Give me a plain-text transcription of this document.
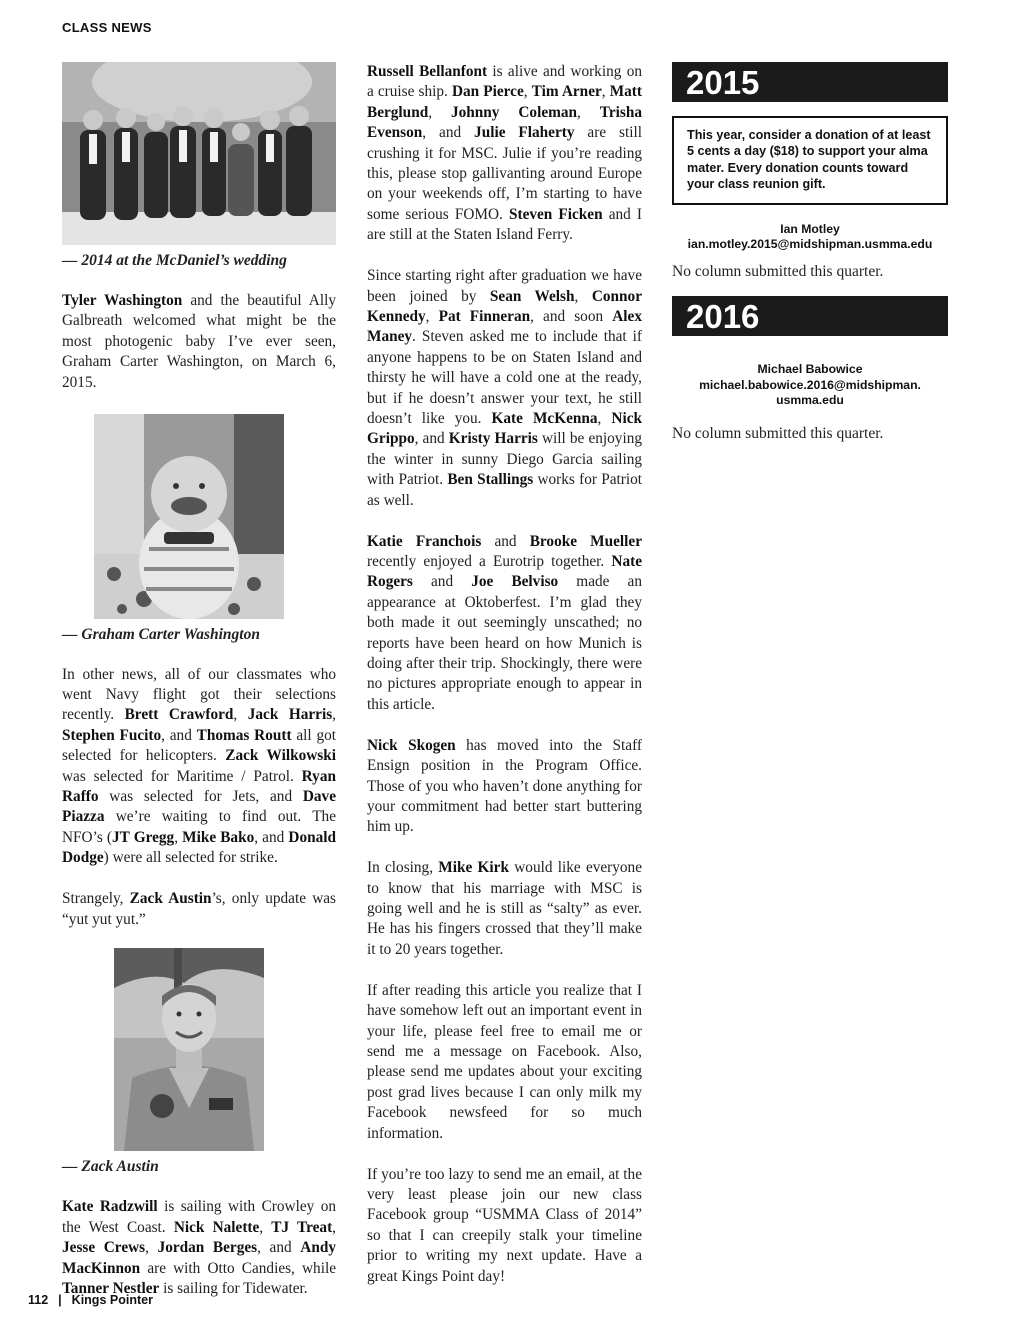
CLASS NEWS
— 2014 at the McDaniel’s wedding

Tyler Washington and the beautiful Ally Galbreath welcomed what might be the most photogenic baby I’ve ever seen, Graham Carter Washington, on March 6, 2015.

— Graham Carter Washington

In other news, all of our classmates who went Navy flight got their selections recently. Brett Crawford, Jack Harris, Stephen Fucito, and Thomas Routt all got selected for helicopters. Zack Wilkowski was selected for Maritime / Patrol. Ryan Raffo was selected for Jets, and Dave Piazza we’re waiting to find out. The NFO’s (JT Gregg, Mike Bako, and Donald Dodge) were all selected for strike.

Strangely, Zack Austin’s, only update was “yut yut yut.”

— Zack Austin

Kate Radzwill is sailing with Crowley on the West Coast. Nick Nalette, TJ Treat, Jesse Crews, Jordan Berges, and Andy MacKinnon are with Otto Candies, while Tanner Nestler is sailing for Tidewater.

Russell Bellanfont is alive and working on a cruise ship. Dan Pierce, Tim Arner, Matt Berglund, Johnny Coleman, Trisha Evenson, and Julie Flaherty are still crushing it for MSC. Julie if you’re reading this, please stop gallivanting around Europe on your weekends off, I’m starting to have some serious FOMO. Steven Ficken and I are still at the Staten Island Ferry.

Since starting right after graduation we have been joined by Sean Welsh, Connor Kennedy, Pat Finneran, and soon Alex Maney. Steven asked me to include that if anyone happens to be on Staten Island and thirsty he will have a cold one at the ready, but if he doesn’t answer your text, he still doesn’t like you. Kate McKenna, Nick Grippo, and Kristy Harris will be enjoying the winter in sunny Diego Garcia sailing with Patriot. Ben Stallings works for Patriot as well.

Katie Franchois and Brooke Mueller recently enjoyed a Eurotrip together. Nate Rogers and Joe Belviso made an appearance at Oktoberfest. I’m glad they both made it out seemingly unscathed; no reports have been heard on how Munich is doing after their trip. Shockingly, there were no pictures appropriate enough to appear in this article.

Nick Skogen has moved into the Staff Ensign position in the Program Office. Those of you who haven’t done anything for your commitment had better start buttering him up.

In closing, Mike Kirk would like everyone to know that his marriage with MSC is going well and he is still as “salty” as ever. He has his fingers crossed that they’ll make it to 20 years together.

If after reading this article you realize that I have somehow left out an important event in your life, please feel free to email me or send me a message on Facebook. Also, please send me updates about your exciting post grad lives because I can only milk my Facebook newsfeed for so much information.

If you’re too lazy to send me an email, at the very least please join our new class Facebook group “USMMA Class of 2014” so that I can creepily stalk your timeline prior to writing my next update. Have a great Kings Point day!

2015
This year, consider a donation of at least 5 cents a day ($18) to support your alma mater. Every donation counts toward your class reunion gift.
Ian Motley
ian.motley.2015@midshipman.usmma.edu

No column submitted this quarter.

2016
Michael Babowice
michael.babowice.2016@midshipman.
usmma.edu

No column submitted this quarter.

112 | Kings Pointer
